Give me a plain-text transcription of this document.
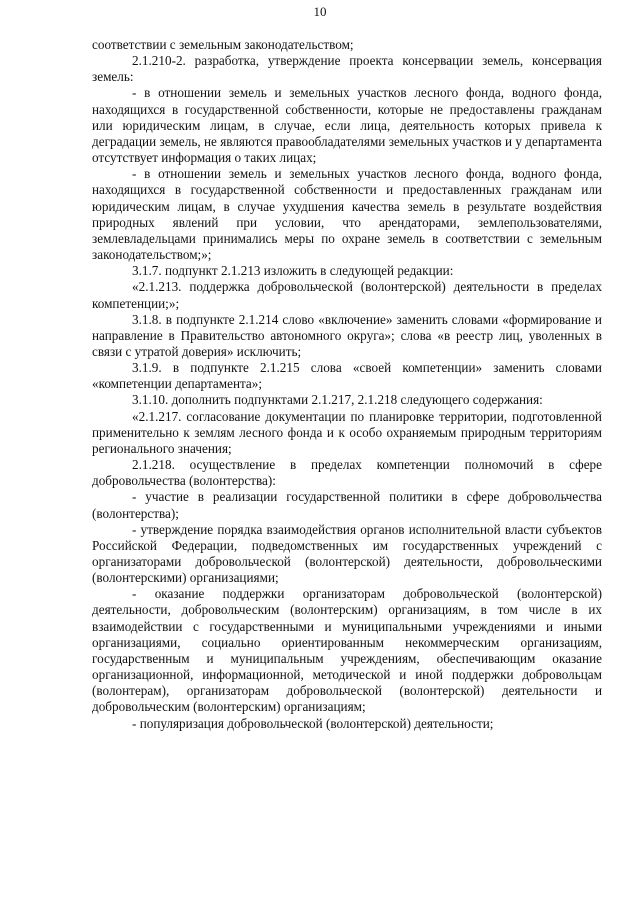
10

соответствии с земельным законодательством;

2.1.210-2. разработка, утверждение проекта консервации земель, консервация земель:

- в отношении земель и земельных участков лесного фонда, водного фонда, находящихся в государственной собственности, которые не предоставлены гражданам или юридическим лицам, в случае, если лица, деятельность которых привела к деградации земель, не являются правообладателями земельных участков и у департамента отсутствует информация о таких лицах;

- в отношении земель и земельных участков лесного фонда, водного фонда, находящихся в государственной собственности и предоставленных гражданам или юридическим лицам, в случае ухудшения качества земель в результате воздействия природных явлений при условии, что арендаторами, землепользователями, землевладельцами принимались меры по охране земель в соответствии с земельным законодательством;»;

3.1.7. подпункт 2.1.213 изложить в следующей редакции:

«2.1.213. поддержка добровольческой (волонтерской) деятельности в пределах компетенции;»;

3.1.8. в подпункте 2.1.214 слово «включение» заменить словами «формирование и направление в Правительство автономного округа»; слова «в реестр лиц, уволенных в связи с утратой доверия» исключить;

3.1.9. в подпункте 2.1.215 слова «своей компетенции» заменить словами «компетенции департамента»;

3.1.10. дополнить подпунктами 2.1.217, 2.1.218 следующего содержания:

«2.1.217. согласование документации по планировке территории, подготовленной применительно к землям лесного фонда и к особо охраняемым природным территориям регионального значения;

2.1.218. осуществление в пределах компетенции полномочий в сфере добровольчества (волонтерства):

- участие в реализации государственной политики в сфере добровольчества (волонтерства);

- утверждение порядка взаимодействия органов исполнительной власти субъектов Российской Федерации, подведомственных им государственных учреждений с организаторами добровольческой (волонтерской) деятельности, добровольческими (волонтерскими) организациями;

- оказание поддержки организаторам добровольческой (волонтерской) деятельности, добровольческим (волонтерским) организациям, в том числе в их взаимодействии с государственными и муниципальными учреждениями и иными организациями, социально ориентированным некоммерческим организациям, государственным и муниципальным учреждениям, обеспечивающим оказание организационной, информационной, методической и иной поддержки добровольцам (волонтерам), организаторам добровольческой (волонтерской) деятельности и добровольческим (волонтерским) организациям;

- популяризация добровольческой (волонтерской) деятельности;
